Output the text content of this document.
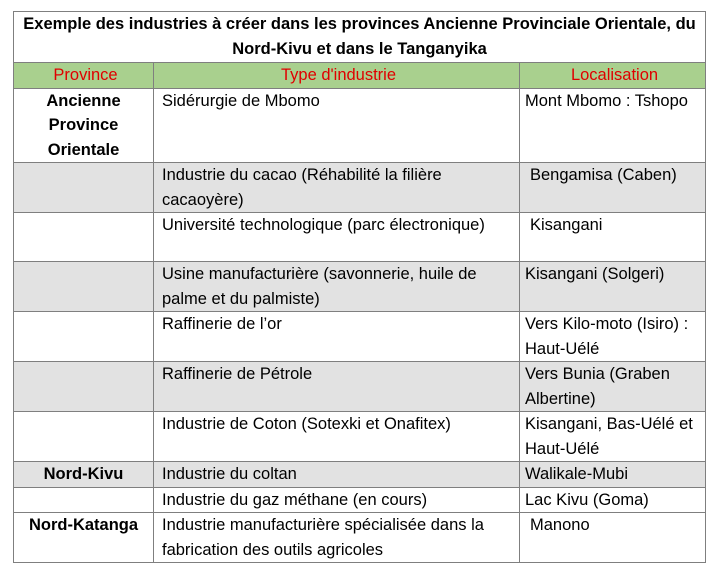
Exemple des industries à créer dans les provinces Ancienne Provinciale Orientale, du Nord-Kivu et dans le Tanganyika		
Province	Type d'industrie	Localisation
Ancienne Province Orientale	Sidérurgie de Mbomo	Mont Mbomo : Tshopo
	Industrie du cacao (Réhabilité la filière cacaoyère)	Bengamisa (Caben)
	Université technologique (parc électronique)	Kisangani
	Usine manufacturière (savonnerie, huile de palme et du palmiste)	Kisangani (Solgeri)
	Raffinerie de l’or	Vers Kilo-moto (Isiro) : Haut-Uélé
	Raffinerie de Pétrole	Vers Bunia (Graben Albertine)
	Industrie de Coton (Sotexki et Onafitex)	Kisangani, Bas-Uélé et Haut-Uélé
Nord-Kivu	Industrie du coltan	Walikale-Mubi
	Industrie du gaz méthane (en cours)	Lac Kivu (Goma)
Nord-Katanga	Industrie manufacturière spécialisée dans la fabrication des outils agricoles	Manono
